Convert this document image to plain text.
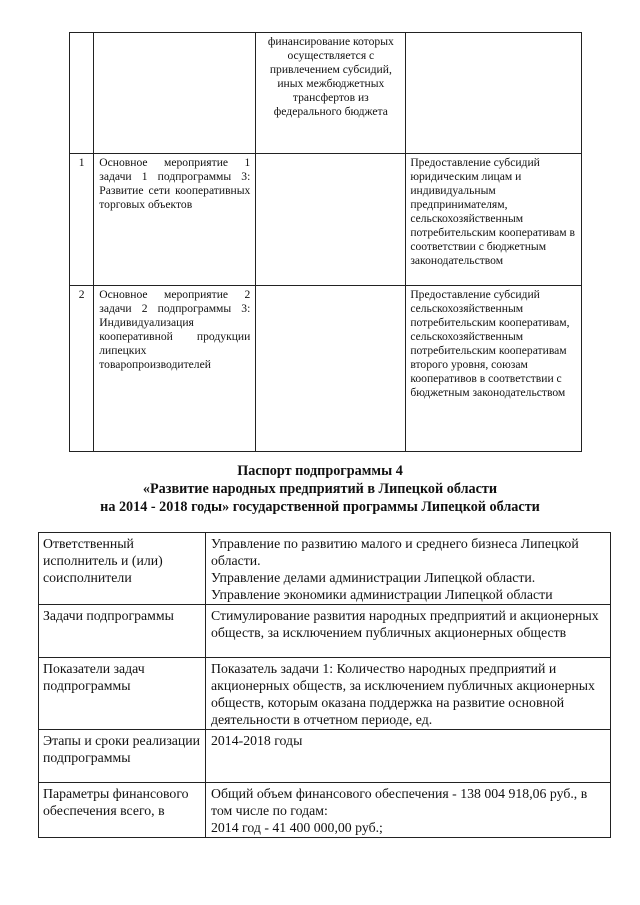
		финансирование которых осуществляется с привлечением субсидий, иных межбюджетных трансфертов из федерального бюджета	
1	Основное мероприятие 1 задачи 1 подпрограммы 3: Развитие сети кооперативных торговых объектов		Предоставление субсидий юридическим лицам и индивидуальным предпринимателям, сельскохозяйственным потребительским кооперативам в соответствии с бюджетным законодательством
2	Основное мероприятие 2 задачи 2 подпрограммы 3: Индивидуализация кооперативной продукции липецких товаропроизводителей		Предоставление субсидий сельскохозяйственным потребительским кооперативам, сельскохозяйственным потребительским кооперативам второго уровня, союзам кооперативов в соответствии с бюджетным законодательством
Паспорт подпрограммы 4
«Развитие народных предприятий в Липецкой области
на 2014 - 2018 годы» государственной программы Липецкой области
Ответственный исполнитель и (или) соисполнители	Управление по развитию малого и среднего бизнеса Липецкой области.

Управление делами администрации Липецкой области.

Управление экономики администрации Липецкой области

Задачи подпрограммы	Стимулирование развития народных предприятий и акционерных обществ, за исключением публичных акционерных обществ

Показатели задач подпрограммы	Показатель задачи 1: Количество народных предприятий и акционерных обществ, за исключением публичных акционерных обществ, которым оказана поддержка на развитие основной деятельности в отчетном периоде, ед.

Этапы и сроки реализации подпрограммы	2014-2018 годы

Параметры финансового обеспечения всего, в	Общий объем финансового обеспечения - 138 004 918,06 руб., в том числе по годам:

2014 год - 41 400 000,00 руб.;
